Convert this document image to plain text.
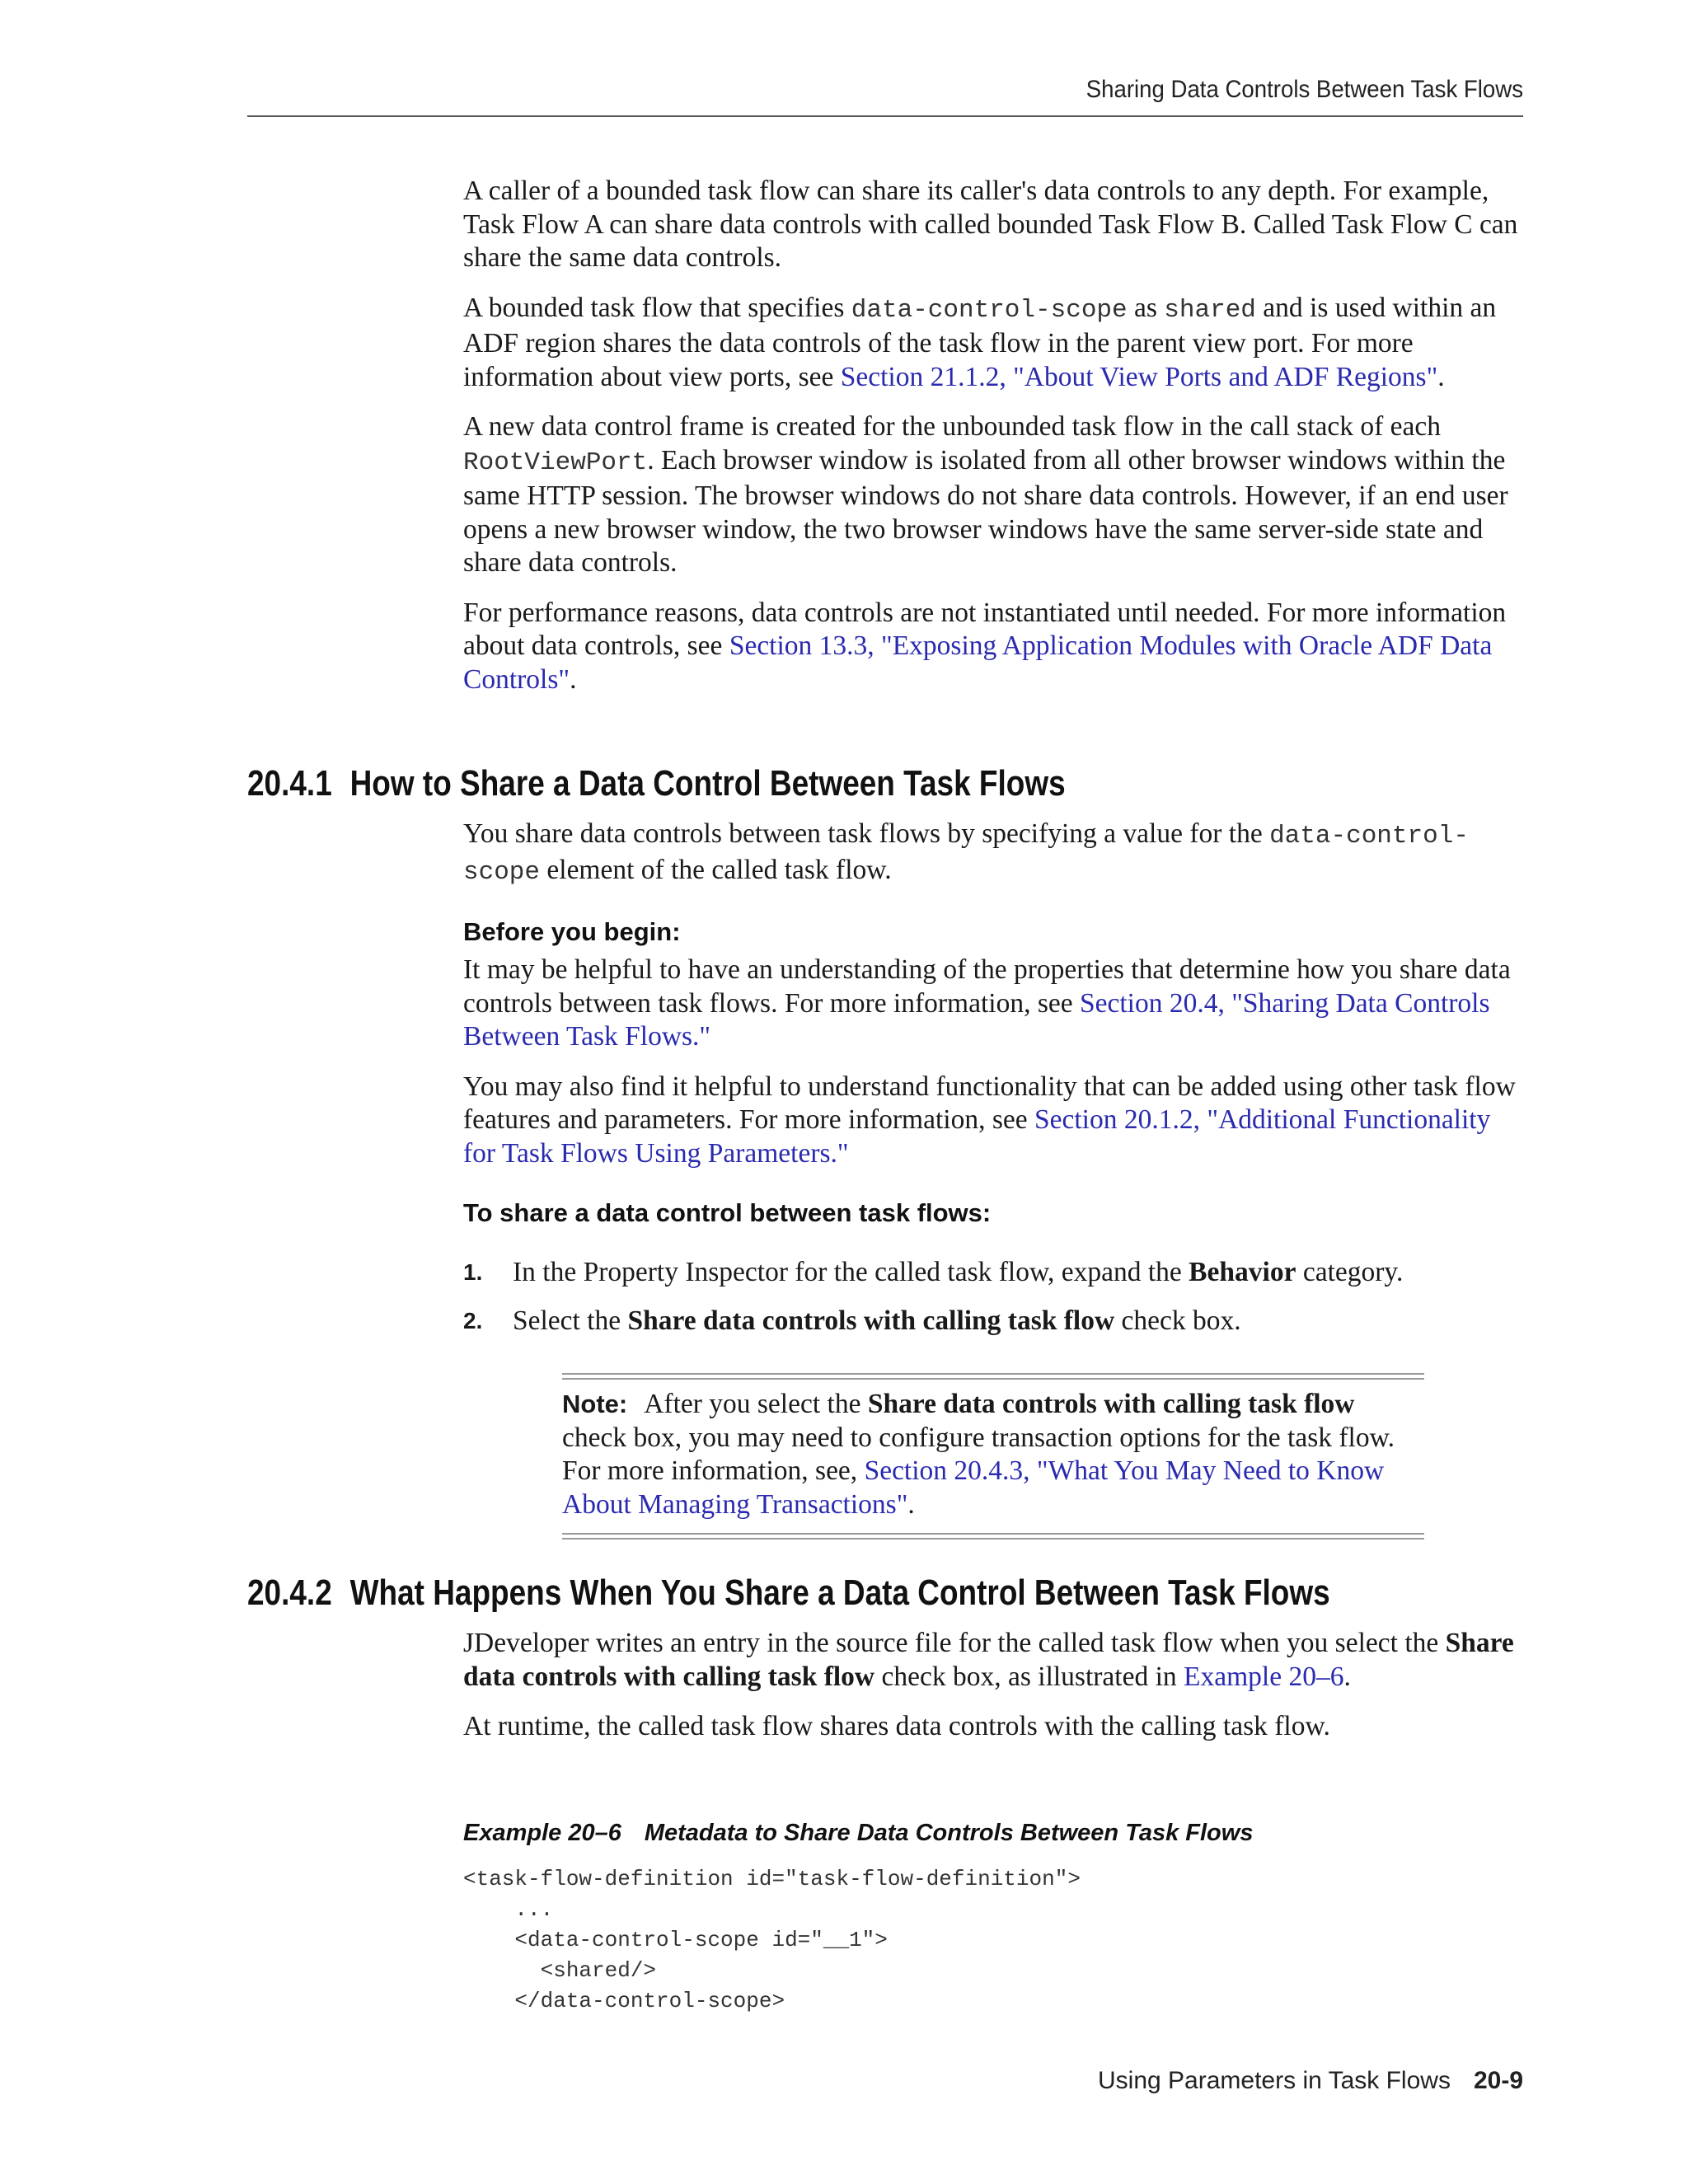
Sharing Data Controls Between Task Flows

A caller of a bounded task flow can share its caller's data controls to any depth. For example, Task Flow A can share data controls with called bounded Task Flow B. Called Task Flow C can share the same data controls.

A bounded task flow that specifies data-control-scope as shared and is used within an ADF region shares the data controls of the task flow in the parent view port. For more information about view ports, see Section 21.1.2, "About View Ports and ADF Regions".

A new data control frame is created for the unbounded task flow in the call stack of each RootViewPort. Each browser window is isolated from all other browser windows within the same HTTP session. The browser windows do not share data controls. However, if an end user opens a new browser window, the two browser windows have the same server-side state and share data controls.

For performance reasons, data controls are not instantiated until needed. For more information about data controls, see Section 13.3, "Exposing Application Modules with Oracle ADF Data Controls".

20.4.1 How to Share a Data Control Between Task Flows

You share data controls between task flows by specifying a value for the data-control-scope element of the called task flow.

Before you begin:

It may be helpful to have an understanding of the properties that determine how you share data controls between task flows. For more information, see Section 20.4, "Sharing Data Controls Between Task Flows."

You may also find it helpful to understand functionality that can be added using other task flow features and parameters. For more information, see Section 20.1.2, "Additional Functionality for Task Flows Using Parameters."

To share a data control between task flows:
1. In the Property Inspector for the called task flow, expand the Behavior category.
2. Select the Share data controls with calling task flow check box.
Note: After you select the Share data controls with calling task flow check box, you may need to configure transaction options for the task flow. For more information, see, Section 20.4.3, "What You May Need to Know About Managing Transactions".
20.4.2 What Happens When You Share a Data Control Between Task Flows

JDeveloper writes an entry in the source file for the called task flow when you select the Share data controls with calling task flow check box, as illustrated in Example 20–6.

At runtime, the called task flow shares data controls with the calling task flow.

Example 20–6 Metadata to Share Data Controls Between Task Flows
<task-flow-definition id="task-flow-definition">
...
<data-control-scope id="__1">
<shared/>
</data-control-scope>
Using Parameters in Task Flows 20-9
